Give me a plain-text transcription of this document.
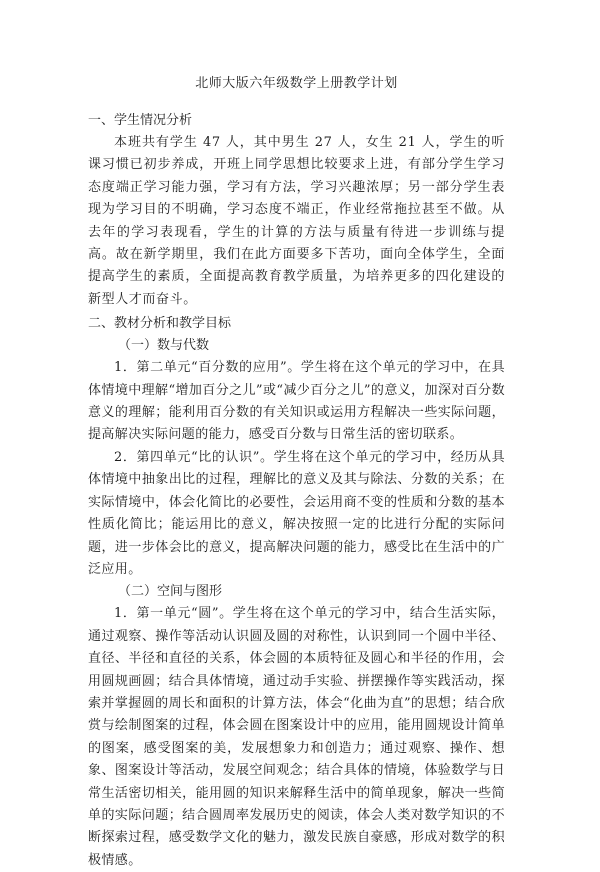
北师大版六年级数学上册教学计划

一、学生情况分析

本班共有学生 47 人，其中男生 27 人，女生 21 人，学生的听课习惯已初步养成，开班上同学思想比较要求上进，有部分学生学习态度端正学习能力强，学习有方法，学习兴趣浓厚；另一部分学生表现为学习目的不明确，学习态度不端正，作业经常拖拉甚至不做。从去年的学习表现看，学生的计算的方法与质量有待进一步训练与提高。故在新学期里，我们在此方面要多下苦功，面向全体学生，全面提高学生的素质，全面提高教育教学质量，为培养更多的四化建设的新型人才而奋斗。

二、教材分析和教学目标

（一）数与代数

1．第二单元“百分数的应用”。学生将在这个单元的学习中，在具体情境中理解“增加百分之儿”或“减少百分之儿”的意义，加深对百分数意义的理解；能利用百分数的有关知识或运用方程解决一些实际问题，提高解决实际问题的能力，感受百分数与日常生活的密切联系。

2．第四单元“比的认识”。学生将在这个单元的学习中，经历从具体情境中抽象出比的过程，理解比的意义及其与除法、分数的关系；在实际情境中，体会化简比的必要性，会运用商不变的性质和分数的基本性质化简比；能运用比的意义，解决按照一定的比进行分配的实际问题，进一步体会比的意义，提高解决问题的能力，感受比在生活中的广泛应用。

（二）空间与图形

1．第一单元“圆”。学生将在这个单元的学习中，结合生活实际，通过观察、操作等活动认识圆及圆的对称性，认识到同一个圆中半径、直径、半径和直径的关系，体会圆的本质特征及圆心和半径的作用，会用圆规画圆；结合具体情境，通过动手实验、拼摆操作等实践活动，探索并掌握圆的周长和面积的计算方法，体会“化曲为直”的思想；结合欣赏与绘制图案的过程，体会圆在图案设计中的应用，能用圆规设计简单的图案，感受图案的美，发展想象力和创造力；通过观察、操作、想象、图案设计等活动，发展空间观念；结合具体的情境，体验数学与日常生活密切相关，能用圆的知识来解释生活中的简单现象，解决一些简单的实际问题；结合圆周率发展历史的阅读，体会人类对数学知识的不断探索过程，感受数学文化的魅力，激发民族自豪感，形成对数学的积极情感。
